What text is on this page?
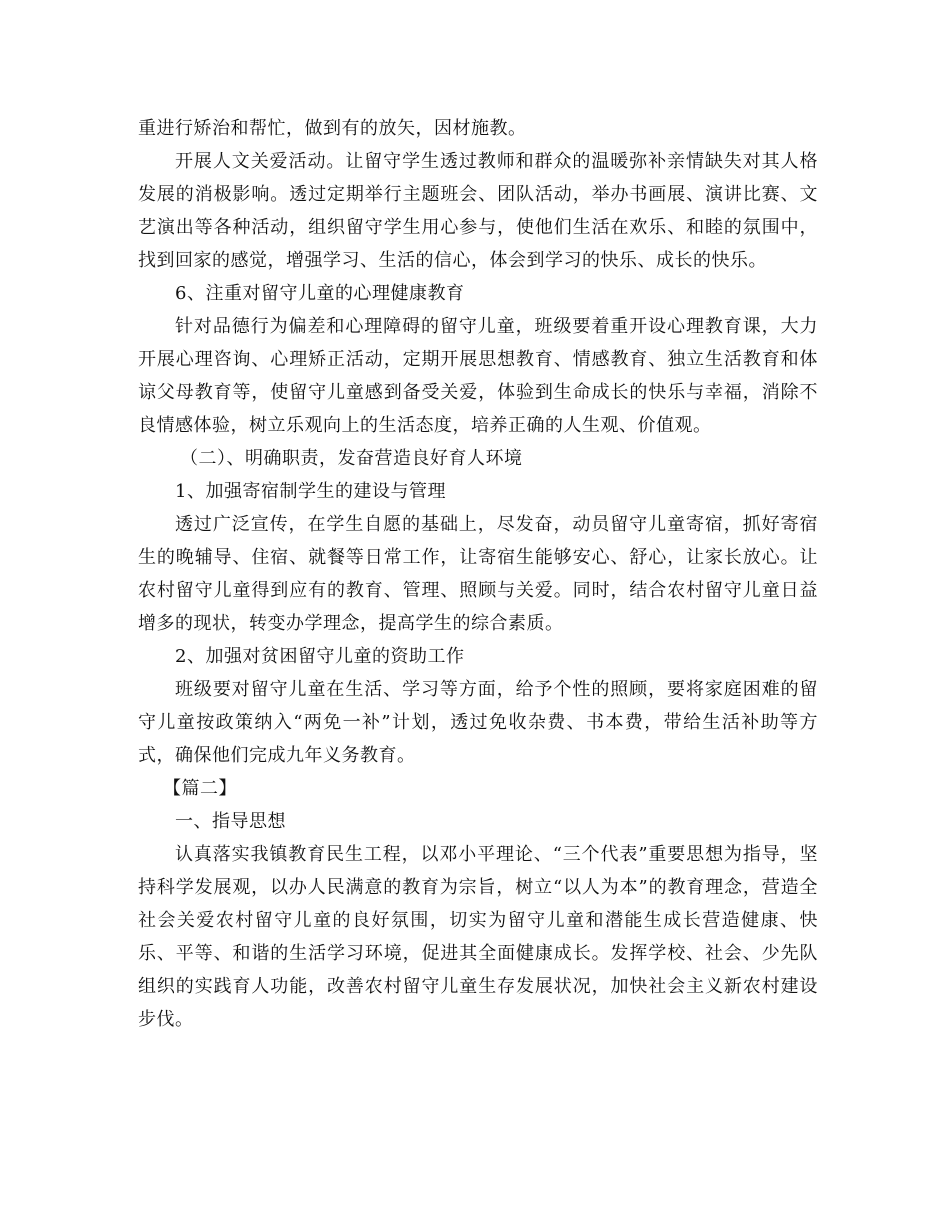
重进行矫治和帮忙，做到有的放矢，因材施教。

开展人文关爱活动。让留守学生透过教师和群众的温暖弥补亲情缺失对其人格发展的消极影响。透过定期举行主题班会、团队活动，举办书画展、演讲比赛、文艺演出等各种活动，组织留守学生用心参与，使他们生活在欢乐、和睦的氛围中，找到回家的感觉，增强学习、生活的信心，体会到学习的快乐、成长的快乐。

6、注重对留守儿童的心理健康教育

针对品德行为偏差和心理障碍的留守儿童，班级要着重开设心理教育课，大力开展心理咨询、心理矫正活动，定期开展思想教育、情感教育、独立生活教育和体谅父母教育等，使留守儿童感到备受关爱，体验到生命成长的快乐与幸福，消除不良情感体验，树立乐观向上的生活态度，培养正确的人生观、价值观。

（二）、明确职责，发奋营造良好育人环境

1、加强寄宿制学生的建设与管理

透过广泛宣传，在学生自愿的基础上，尽发奋，动员留守儿童寄宿，抓好寄宿生的晚辅导、住宿、就餐等日常工作，让寄宿生能够安心、舒心，让家长放心。让农村留守儿童得到应有的教育、管理、照顾与关爱。同时，结合农村留守儿童日益增多的现状，转变办学理念，提高学生的综合素质。

2、加强对贫困留守儿童的资助工作

班级要对留守儿童在生活、学习等方面，给予个性的照顾，要将家庭困难的留守儿童按政策纳入“两免一补”计划，透过免收杂费、书本费，带给生活补助等方式，确保他们完成九年义务教育。

【篇二】

一、指导思想

认真落实我镇教育民生工程，以邓小平理论、“三个代表”重要思想为指导，坚持科学发展观，以办人民满意的教育为宗旨，树立“以人为本”的教育理念，营造全社会关爱农村留守儿童的良好氛围，切实为留守儿童和潜能生成长营造健康、快乐、平等、和谐的生活学习环境，促进其全面健康成长。发挥学校、社会、少先队组织的实践育人功能，改善农村留守儿童生存发展状况，加快社会主义新农村建设步伐。
